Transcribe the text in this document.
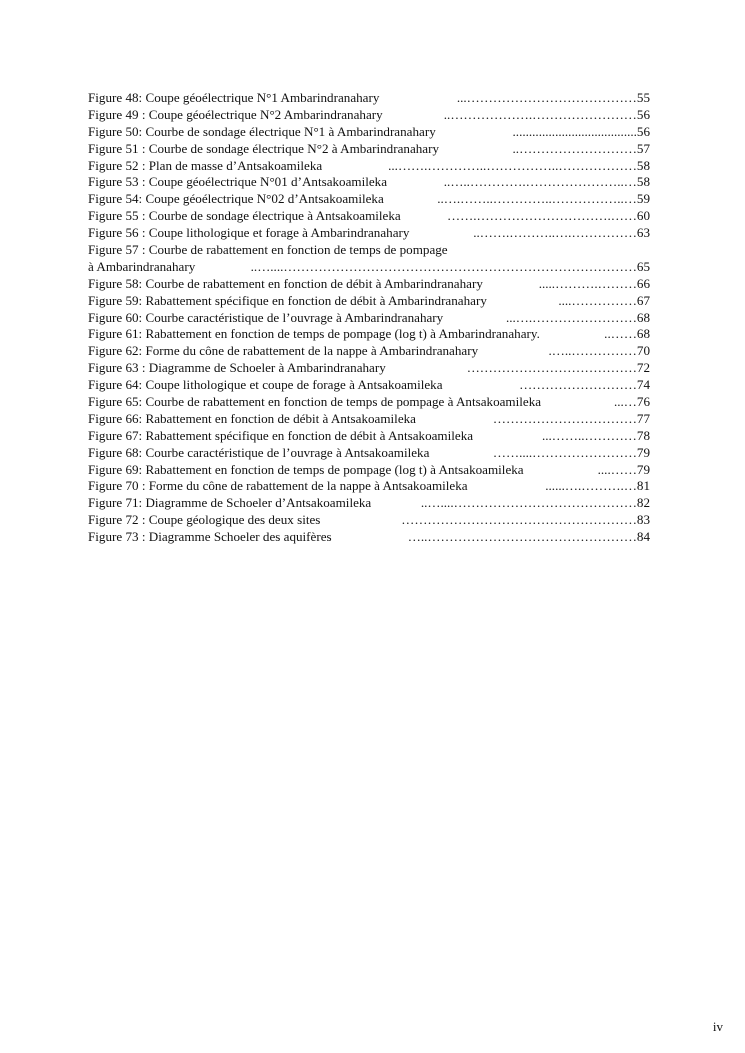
Figure 48: Coupe géoélectrique N°1 Ambarindranahary	…………………………………... 55
Figure 49 : Coupe géoélectrique N°2 Ambarindranahary	…………………….……………….. 56
Figure 50: Courbe de sondage électrique N°1 à Ambarindranahary	...................................... 56
Figure 51 : Courbe de sondage électrique N°2 à Ambarindranahary	……………………….. 57
Figure 52 : Plan de masse d’Antsakoamileka	………………..……………..………….……... 58
Figure 53 : Coupe géoélectrique N°01 d’Antsakoamileka	…..………………….…………..….. 58
Figure 54: Coupe géoélectrique N°02 d’Antsakoamileka	…..……………..…………..…….….. 59
Figure 55 : Courbe de sondage électrique à Antsakoamileka	…….………………………….…… 60
Figure 56 : Coupe lithologique et forage à Ambarindranahary	…………….…..……….…….. 63
Figure 57 : Courbe de rabattement en fonction de temps de pompage
à Ambarindranahary	………………………………………………………………………....….. 65
Figure 58: Courbe de rabattement en fonction de débit à Ambarindranahary	……….………..... 66
Figure 59: Rabattement spécifique en fonction de débit à Ambarindranahary	…………….... 67
Figure 60: Courbe caractéristique de l’ouvrage à Ambarindranahary	…………………….…... 68
Figure 61: Rabattement en fonction de temps de pompage (log t) à Ambarindranahary.	…….. 68
Figure 62: Forme du cône de rabattement de la nappe à Ambarindranahary	……………..…. 70
Figure 63 : Diagramme de Schoeler à Ambarindranahary	………………………………… 72
Figure 64: Coupe lithologique et coupe de forage à Antsakoamileka	……………………… 74
Figure 65: Courbe de rabattement en fonction de temps de pompage à Antsakoamileka	…... 76
Figure 66: Rabattement en fonction de débit à Antsakoamileka	…………………………… 77
Figure 67: Rabattement spécifique en fonction de débit à Antsakoamileka	…………..……... 78
Figure 68: Courbe caractéristique de l’ouvrage à Antsakoamileka	……………………....…… 79
Figure 69: Rabattement en fonction de temps de pompage (log t) à Antsakoamileka	…….... 79
Figure 70 : Forme du cône de rabattement de la nappe à Antsakoamileka	….……….…...... 81
Figure 71: Diagramme de Schoeler d’Antsakoamileka	……………………………………....….. 82
Figure 72 : Coupe géologique des deux sites	……………………………………………… 83
Figure 73 : Diagramme Schoeler des aquifères	…………………………………………..… 84
iv
